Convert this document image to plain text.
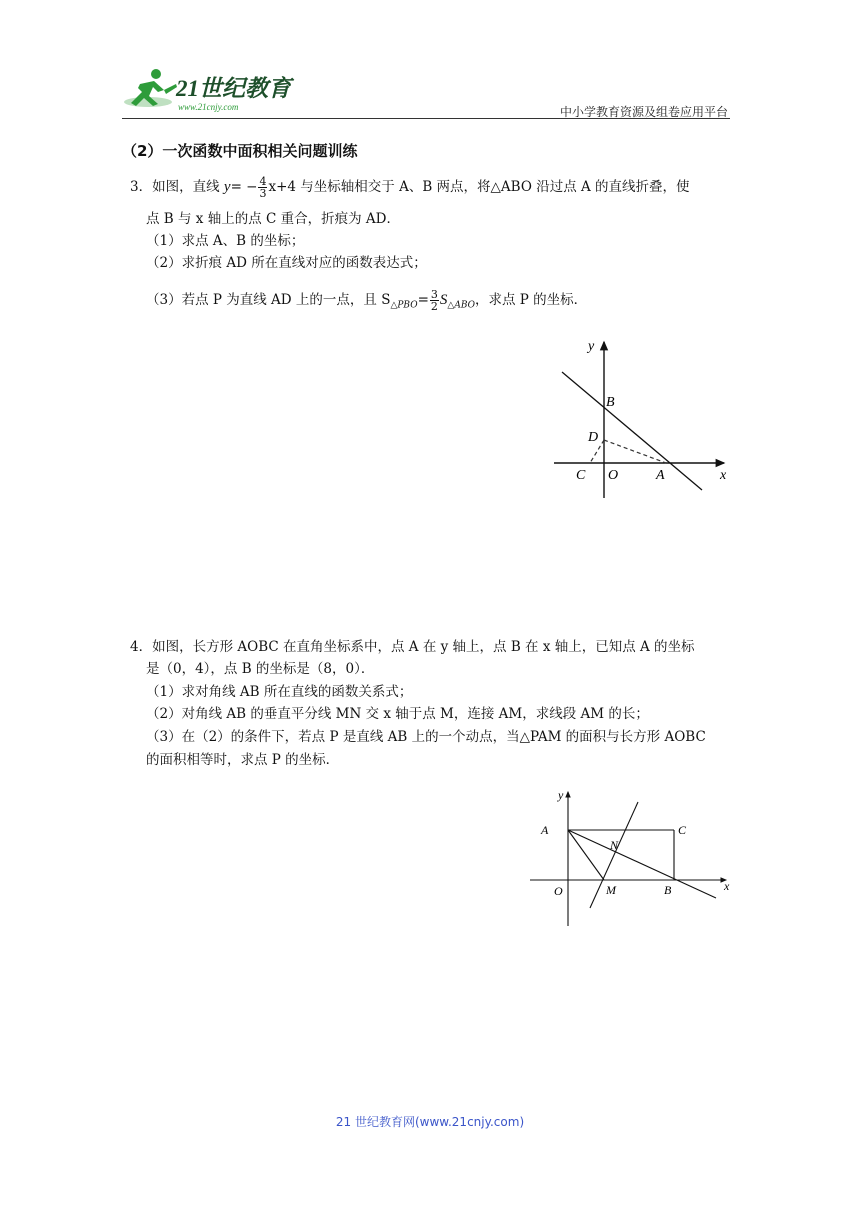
21世纪教育
www.21cnjy.com	中小学教育资源及组卷应用平台
（2）一次函数中面积相关问题训练
3．如图，直线 $y= - \frac{4}{3} x+4$ 与坐标轴相交于 A、B 两点，将△ABO 沿过点 A 的直线折叠，使
点 B 与 x 轴上的点 C 重合，折痕为 AD．
（1）求点 A、B 的坐标；
（2）求折痕 AD 所在直线对应的函数表达式；
（3）若点 P 为直线 AD 上的一点，且 $S_{\triangle PBO}= \frac{3}{2} S_{\triangle ABO}$，求点 P 的坐标．
y
x
B
D
C O	A
4．如图，长方形 AOBC 在直角坐标系中，点 A 在 y 轴上，点 B 在 x 轴上，已知点 A 的坐标
是（0，4），点 B 的坐标是（8，0）．
（1）求对角线 AB 所在直线的函数关系式；
（2）对角线 AB 的垂直平分线 MN 交 x 轴于点 M，连接 AM，求线段 AM 的长；
（3）在（2）的条件下，若点 P 是直线 AB 上的一个动点，当△PAM 的面积与长方形 AOBC
的面积相等时，求点 P 的坐标．
y
x
A	C
N
O	M	B
21 世纪教育网(www.21cnjy.com)
